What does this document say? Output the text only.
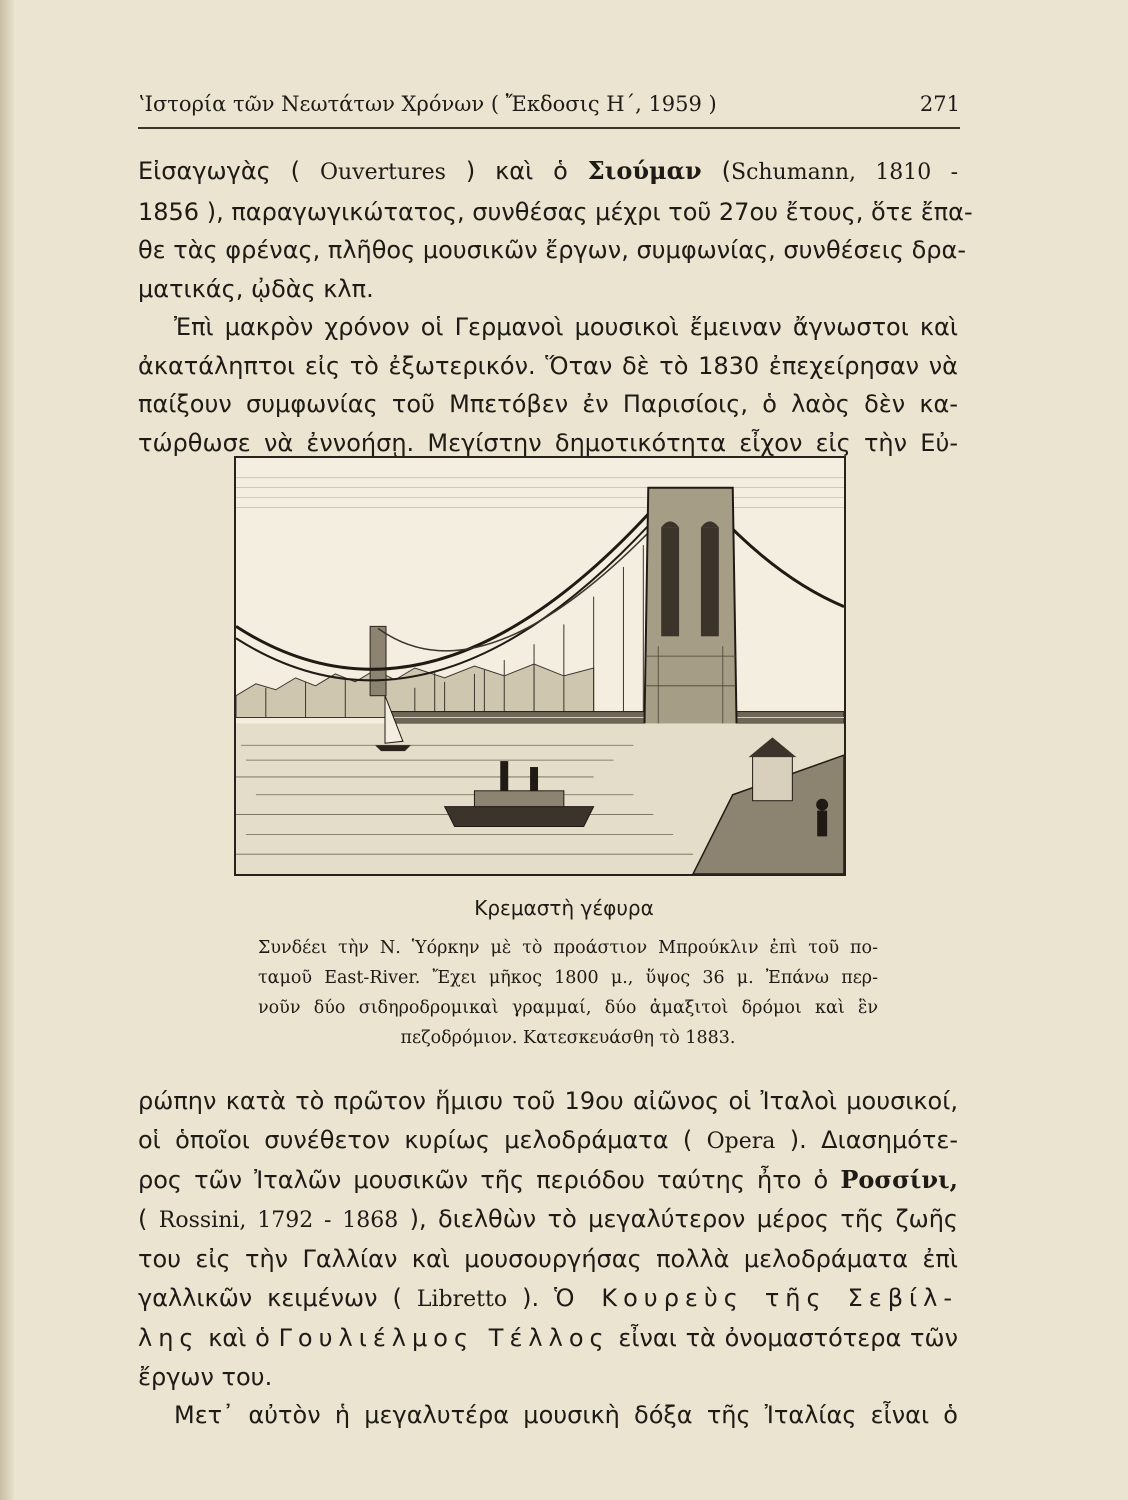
ʽΙστορία τῶν Νεωτάτων Χρόνων ( Ἔκδοσις Η΄, 1959 )	271
Εἰσαγωγὰς ( Ouvertures ) καὶ ὁ Σιούμαν (Schumann, 1810 -
1856 ), παραγωγικώτατος, συνθέσας μέχρι τοῦ 27ου ἔτους, ὅτε ἔπα-
θε τὰς φρένας, πλῆθος μουσικῶν ἔργων, συμφωνίας, συνθέσεις δρα-
ματικάς, ᾠδὰς κλπ.
Ἐπὶ μακρὸν χρόνον οἱ Γερμανοὶ μουσικοὶ ἔμειναν ἄγνωστοι καὶ
ἀκατάληπτοι εἰς τὸ ἐξωτερικόν. Ὅταν δὲ τὸ 1830 ἐπεχείρησαν νὰ
παίξουν συμφωνίας τοῦ Μπετόβεν ἐν Παρισίοις, ὁ λαὸς δὲν κα-
τώρθωσε νὰ ἐννοήσῃ. Μεγίστην δημοτικότητα εἶχον εἰς τὴν Εὐ-
Κρεμαστὴ γέφυρα
Συνδέει τὴν Ν. Ὑόρκην μὲ τὸ προάστιον Μπρούκλιν ἐπὶ τοῦ πο-
ταμοῦ East-River. Ἔχει μῆκος 1800 μ., ὕψος 36 μ. Ἐπάνω περ-
νοῦν δύο σιδηροδρομικαὶ γραμμαί, δύο ἁμαξιτοὶ δρόμοι καὶ ἓν
πεζοδρόμιον. Κατεσκευάσθη τὸ 1883.
ρώπην κατὰ τὸ πρῶτον ἥμισυ τοῦ 19ου αἰῶνος οἱ Ἰταλοὶ μουσικοί,
οἱ ὁποῖοι συνέθετον κυρίως μελοδράματα ( Opera ). Διασημότε-
ρος τῶν Ἰταλῶν μουσικῶν τῆς περιόδου ταύτης ἦτο ὁ Ροσσίνι,
( Rossini, 1792 - 1868 ), διελθὼν τὸ μεγαλύτερον μέρος τῆς ζωῆς
του εἰς τὴν Γαλλίαν καὶ μουσουργήσας πολλὰ μελοδράματα ἐπὶ
γαλλικῶν κειμένων ( Libretto ). Ὁ Κουρεὺς τῆς Σεβίλ-
λης καὶ ὁ Γουλιέλμος Τέλλος εἶναι τὰ ὀνομαστότερα τῶν
ἔργων του.
Μετ᾽ αὐτὸν ἡ μεγαλυτέρα μουσικὴ δόξα τῆς Ἰταλίας εἶναι ὁ
